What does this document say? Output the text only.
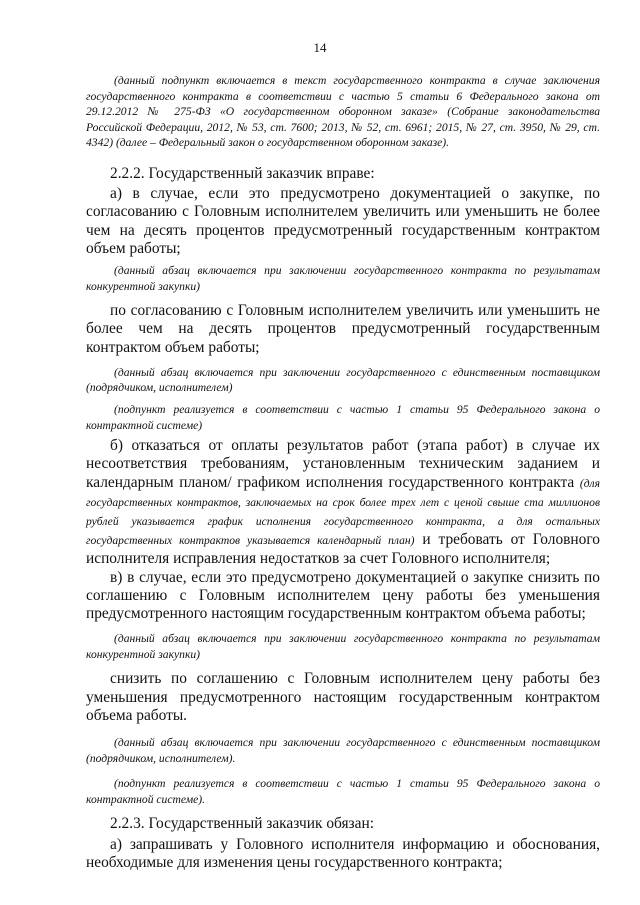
14

(данный подпункт включается в текст государственного контракта в случае заключения государственного контракта в соответствии с частью 5 статьи 6 Федерального закона от 29.12.2012 № 275-ФЗ «О государственном оборонном заказе» (Собрание законодательства Российской Федерации, 2012, № 53, ст. 7600; 2013, № 52, ст. 6961; 2015, № 27, ст. 3950, № 29, ст. 4342) (далее – Федеральный закон о государственном оборонном заказе).

2.2.2. Государственный заказчик вправе:

а) в случае, если это предусмотрено документацией о закупке, по согласованию с Головным исполнителем увеличить или уменьшить не более чем на десять процентов предусмотренный государственным контрактом объем работы;

(данный абзац включается при заключении государственного контракта по результатам конкурентной закупки)

по согласованию с Головным исполнителем увеличить или уменьшить не более чем на десять процентов предусмотренный государственным контрактом объем работы;

(данный абзац включается при заключении государственного с единственным поставщиком (подрядчиком, исполнителем)

(подпункт реализуется в соответствии с частью 1 статьи 95 Федерального закона о контрактной системе)

б) отказаться от оплаты результатов работ (этапа работ) в случае их несоответствия требованиям, установленным техническим заданием и календарным планом/ графиком исполнения государственного контракта (для государственных контрактов, заключаемых на срок более трех лет с ценой свыше ста миллионов рублей указывается график исполнения государственного контракта, а для остальных государственных контрактов указывается календарный план) и требовать от Головного исполнителя исправления недостатков за счет Головного исполнителя;

в) в случае, если это предусмотрено документацией о закупке снизить по соглашению с Головным исполнителем цену работы без уменьшения предусмотренного настоящим государственным контрактом объема работы;

(данный абзац включается при заключении государственного контракта по результатам конкурентной закупки)

снизить по соглашению с Головным исполнителем цену работы без уменьшения предусмотренного настоящим государственным контрактом объема работы.

(данный абзац включается при заключении государственного с единственным поставщиком (подрядчиком, исполнителем).

(подпункт реализуется в соответствии с частью 1 статьи 95 Федерального закона о контрактной системе).

2.2.3. Государственный заказчик обязан:

а) запрашивать у Головного исполнителя информацию и обоснования, необходимые для изменения цены государственного контракта;
